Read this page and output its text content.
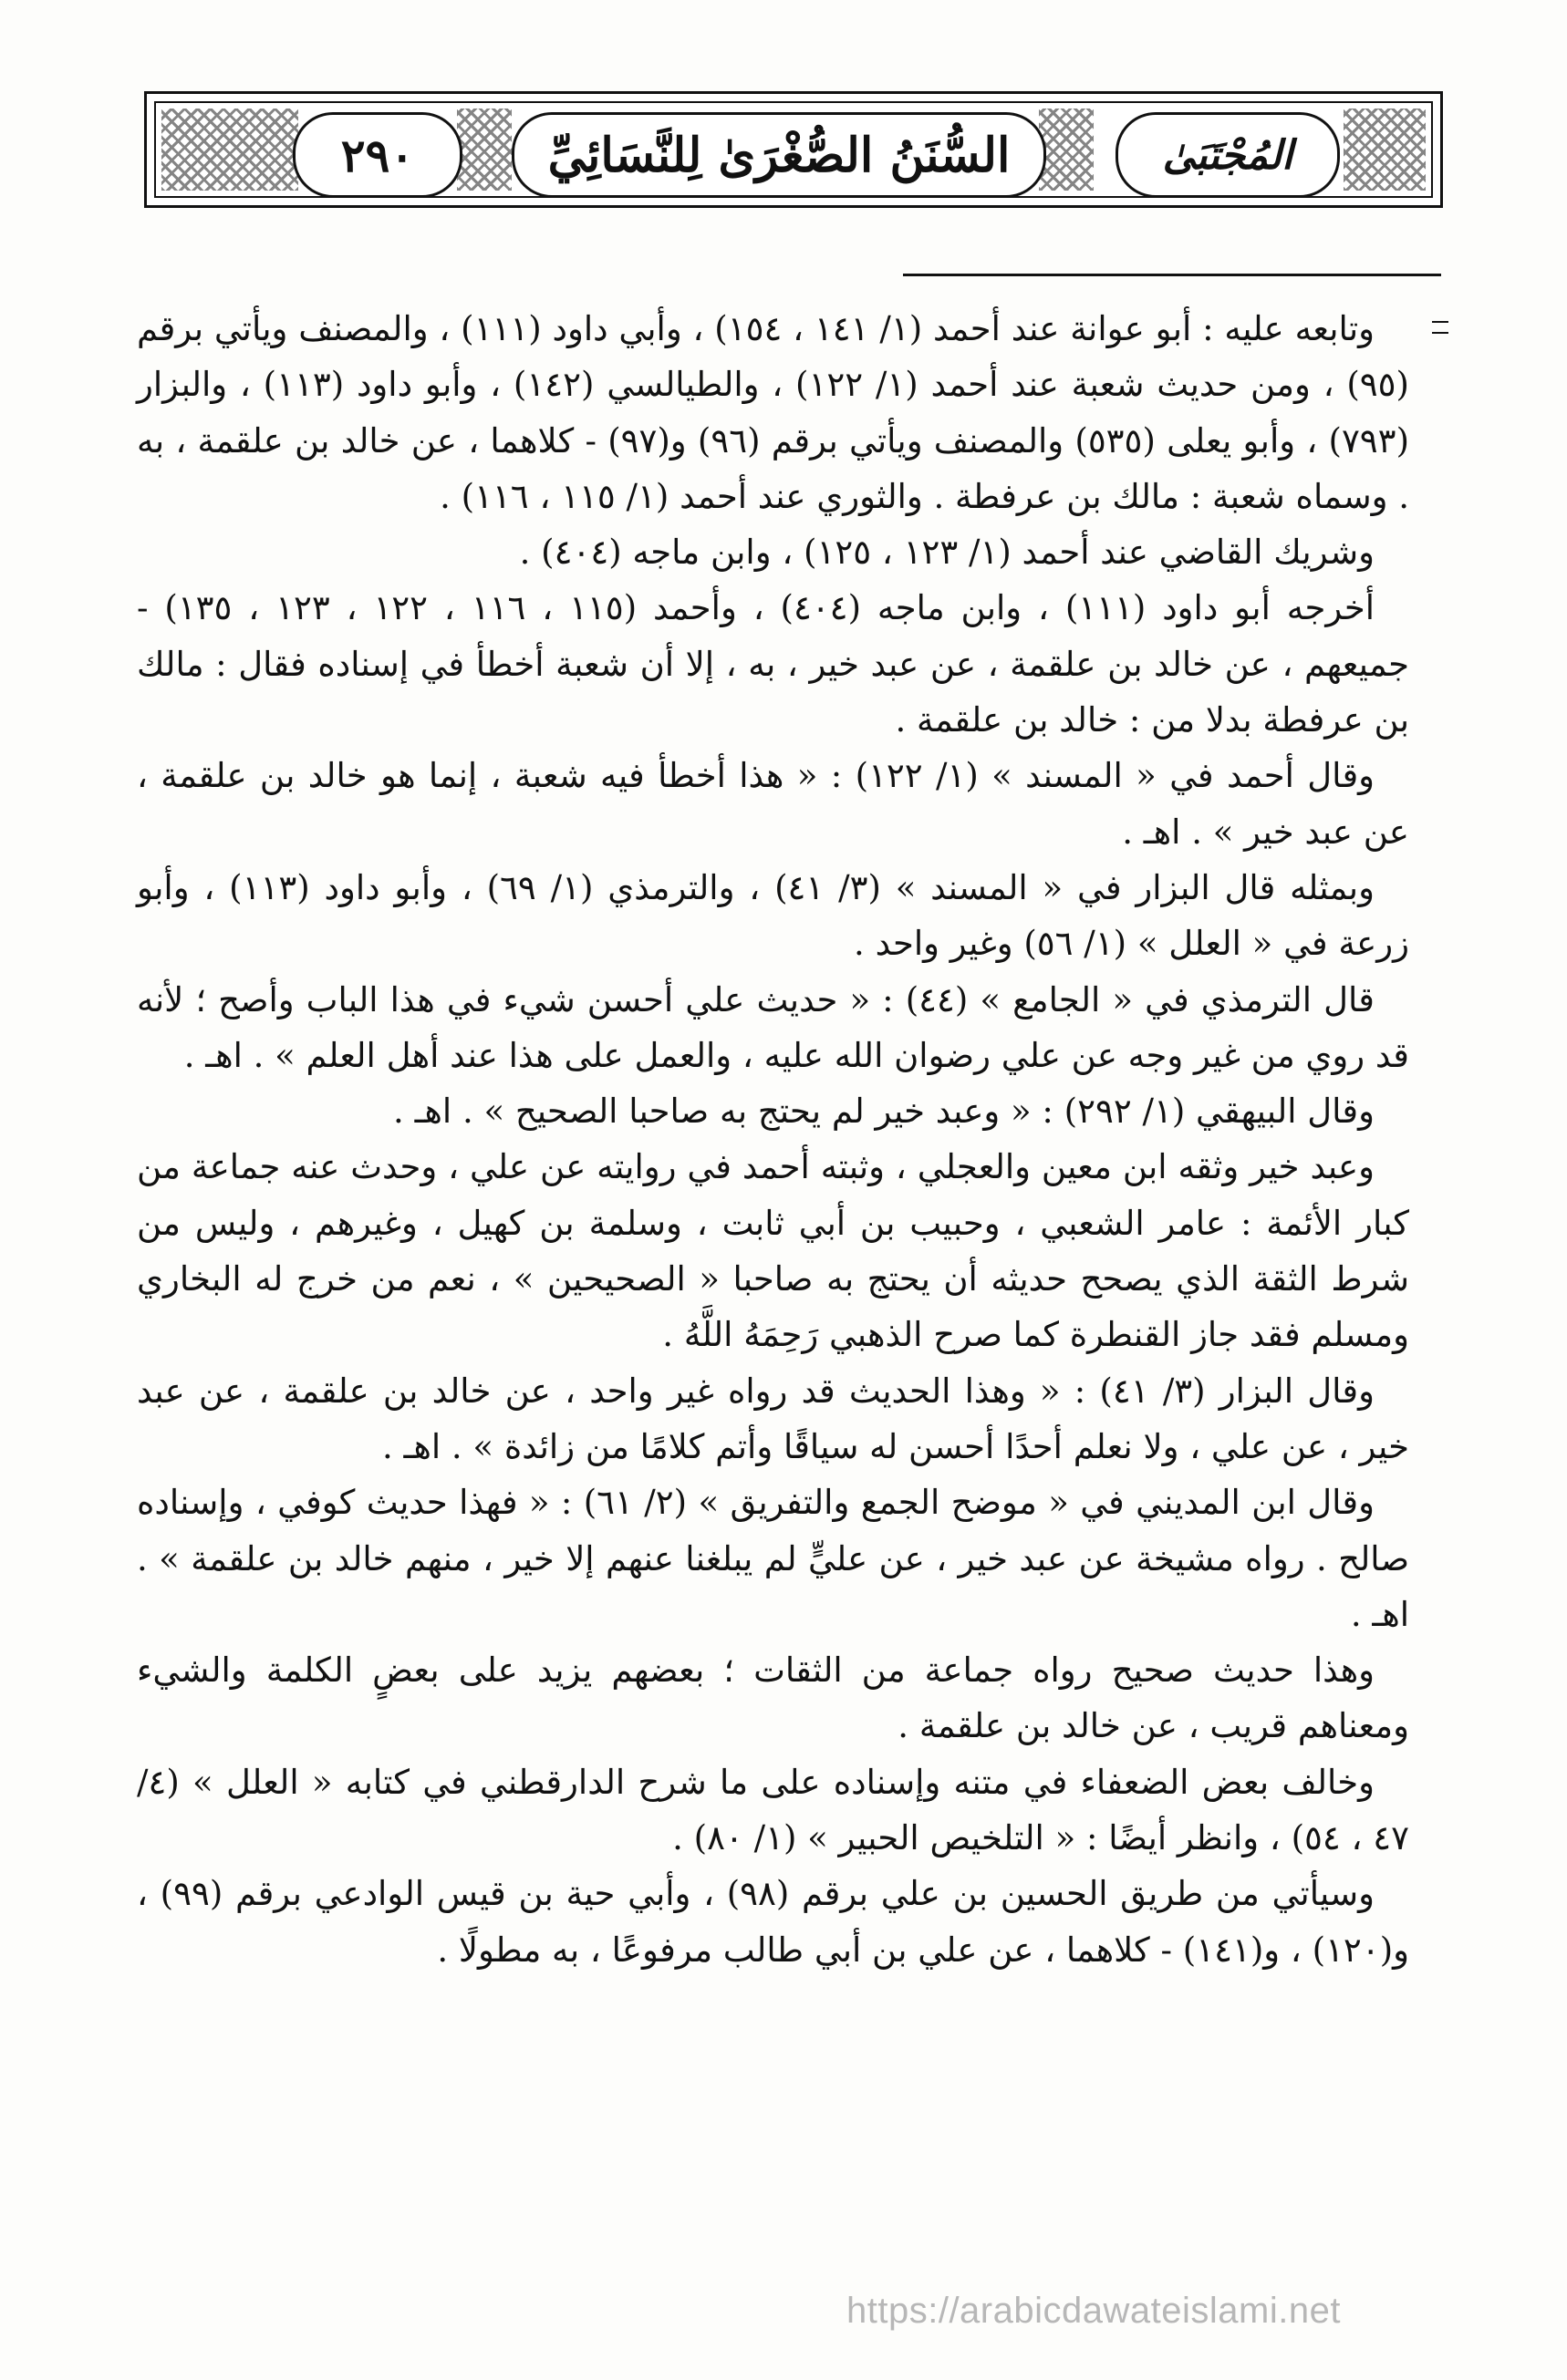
المُجْتَبَىٰ
السُّنَنُ الصُّغْرَىٰ لِلنَّسَائِيِّ
٢٩٠

وتابعه عليه : أبو عوانة عند أحمد (١/ ١٤١ ، ١٥٤) ، وأبي داود (١١١) ، والمصنف ويأتي برقم (٩٥) ، ومن حديث شعبة عند أحمد (١/ ١٢٢) ، والطيالسي (١٤٢) ، وأبو داود (١١٣) ، والبزار (٧٩٣) ، وأبو يعلى (٥٣٥) والمصنف ويأتي برقم (٩٦) و(٩٧) - كلاهما ، عن خالد بن علقمة ، به . وسماه شعبة : مالك بن عرفطة . والثوري عند أحمد (١/ ١١٥ ، ١١٦) .

وشريك القاضي عند أحمد (١/ ١٢٣ ، ١٢٥) ، وابن ماجه (٤٠٤) .

أخرجه أبو داود (١١١) ، وابن ماجه (٤٠٤) ، وأحمد (١١٥ ، ١١٦ ، ١٢٢ ، ١٢٣ ، ١٣٥) - جميعهم ، عن خالد بن علقمة ، عن عبد خير ، به ، إلا أن شعبة أخطأ في إسناده فقال : مالك بن عرفطة بدلا من : خالد بن علقمة .

وقال أحمد في « المسند » (١/ ١٢٢) : « هذا أخطأ فيه شعبة ، إنما هو خالد بن علقمة ، عن عبد خير » . اهـ .

وبمثله قال البزار في « المسند » (٣/ ٤١) ، والترمذي (١/ ٦٩) ، وأبو داود (١١٣) ، وأبو زرعة في « العلل » (١/ ٥٦) وغير واحد .

قال الترمذي في « الجامع » (٤٤) : « حديث علي أحسن شيء في هذا الباب وأصح ؛ لأنه قد روي من غير وجه عن علي رضوان الله عليه ، والعمل على هذا عند أهل العلم » . اهـ .

وقال البيهقي (١/ ٢٩٢) : « وعبد خير لم يحتج به صاحبا الصحيح » . اهـ .

وعبد خير وثقه ابن معين والعجلي ، وثبته أحمد في روايته عن علي ، وحدث عنه جماعة من كبار الأئمة : عامر الشعبي ، وحبيب بن أبي ثابت ، وسلمة بن كهيل ، وغيرهم ، وليس من شرط الثقة الذي يصحح حديثه أن يحتج به صاحبا « الصحيحين » ، نعم من خرج له البخاري ومسلم فقد جاز القنطرة كما صرح الذهبي رَحِمَهُ اللَّهُ .

وقال البزار (٣/ ٤١) : « وهذا الحديث قد رواه غير واحد ، عن خالد بن علقمة ، عن عبد خير ، عن علي ، ولا نعلم أحدًا أحسن له سياقًا وأتم كلامًا من زائدة » . اهـ .

وقال ابن المديني في « موضح الجمع والتفريق » (٢/ ٦١) : « فهذا حديث كوفي ، وإسناده صالح . رواه مشيخة عن عبد خير ، عن عليٍّ لم يبلغنا عنهم إلا خير ، منهم خالد بن علقمة » . اهـ .

وهذا حديث صحيح رواه جماعة من الثقات ؛ بعضهم يزيد على بعضٍ الكلمة والشيء ومعناهم قريب ، عن خالد بن علقمة .

وخالف بعض الضعفاء في متنه وإسناده على ما شرح الدارقطني في كتابه « العلل » (٤/ ٤٧ ، ٥٤) ، وانظر أيضًا : « التلخيص الحبير » (١/ ٨٠) .

وسيأتي من طريق الحسين بن علي برقم (٩٨) ، وأبي حية بن قيس الوادعي برقم (٩٩) ، و(١٢٠) ، و(١٤١) - كلاهما ، عن علي بن أبي طالب مرفوعًا ، به مطولًا .

https://arabicdawateislami.net
